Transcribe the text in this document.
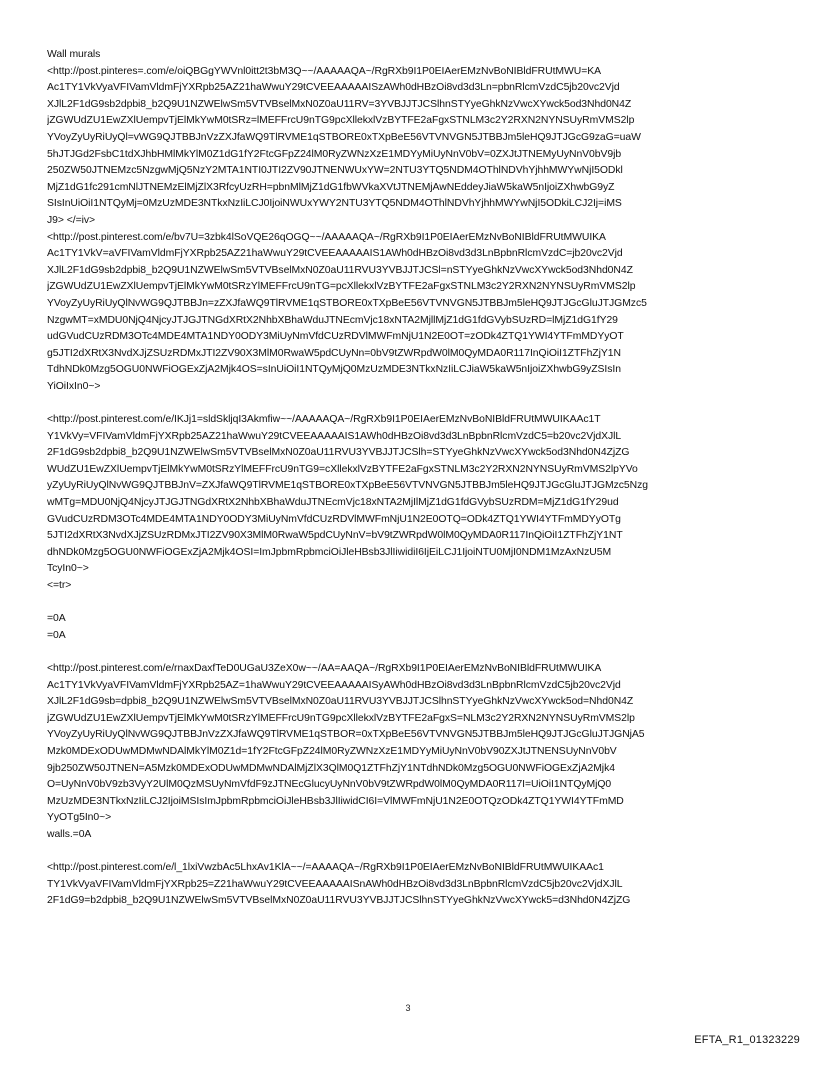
Wall murals
<http://post.pinteres=.com/e/oiQBGgYWVnl0itt2t3bM3Q~~/AAAAAQA~/RgRXb9I1P0EIAerEMzNvBoNIBldFRUtMWU=KA
Ac1TY1VkVyaVFIVamVldmFjYXRpb25AZ21haWwuY29tCVEEAAAAAISzAWh0dHBzOi8vd3d3Ln=pbnRlcmVzdC5jb20vc2Vjd
XJlL2F1dG9sb2dpbi8_b2Q9U1NZWElwSm5VTVBselMxN0Z0aU11RV=3YVBJJTJCSlhnSTYyeGhkNzVwcXYwck5od3Nhd0N4Z
jZGWUdZU1EwZXlUempvTjElMkYwM0tSRz=lMEFFrcU9nTG9pcXllekxlVzBYTFE2aFgxSTNLM3c2Y2RXN2NYNSUyRmVMS2lp
YVoyZyUyRiUyQl=vWG9QJTBBJnVzZXJfaWQ9TlRVME1qSTBORE0xTXpBeE56VTVNVGN5JTBBJm5leHQ9JTJGcG9zaG=uaW
5hJTJGd2FsbC1tdXJhbHMlMkYlM0Z1dG1fY2FtcGFpZ24lM0RyZWNzXzE1MDYyMiUyNnV0bV=0ZXJtJTNEMyUyNnV0bV9jb
250ZW50JTNEMzc5NzgwMjQ5NzY2MTA1NTI0JTI2ZV90JTNENWUxYW=2NTU3YTQ5NDM4OThlNDVhYjhhMWYwNjI5ODkl
MjZ1dG1fc291cmNlJTNEMzElMjZlX3RfcyUzRH=pbnMlMjZ1dG1fbWVkaXVtJTNEMjAwNEddeyJiaW5kaW5nIjoiZXhwbG9yZ
SIsInUiOiI1NTQyMj=0MzUzMDE3NTkxNzIiLCJ0IjoiNWUxYWY2NTU3YTQ5NDM4OThlNDVhYjhhMWYwNjI5ODkiLCJ2Ij=iMS
J9> </=iv>
<http://post.pinterest.com/e/bv7U=3zbk4lSoVQE26qOGQ~~/AAAAAQA~/RgRXb9I1P0EIAerEMzNvBoNIBldFRUtMWUIKA
Ac1TY1VkV=aVFIVamVldmFjYXRpb25AZ21haWwuY29tCVEEAAAAAIS1AWh0dHBzOi8vd3d3LnBpbnRlcmVzdC=jb20vc2Vjd
XJlL2F1dG9sb2dpbi8_b2Q9U1NZWElwSm5VTVBselMxN0Z0aU11RVU3YVBJJTJCSl=nSTYyeGhkNzVwcXYwck5od3Nhd0N4Z
jZGWUdZU1EwZXlUempvTjElMkYwM0tSRzYlMEFFrcU9nTG=pcXllekxlVzBYTFE2aFgxSTNLM3c2Y2RXN2NYNSUyRmVMS2lp
YVoyZyUyRiUyQlNvWG9QJTBBJn=zZXJfaWQ9TlRVME1qSTBORE0xTXpBeE56VTVNVGN5JTBBJm5leHQ9JTJGcGluJTJGMzc5
NzgwMT=xMDU0NjQ4NjcyJTJGJTNGdXRtX2NhbXBhaWduJTNEcmVjc18xNTA2MjllMjZ1dG1fdGVybSUzRD=lMjZ1dG1fY29
udGVudCUzRDM3OTc4MDE4MTA1NDY0ODY3MiUyNmVfdCUzRDVlMWFmNjU1N2E0OT=zODk4ZTQ1YWI4YTFmMDYyOT
g5JTI2dXRtX3NvdXJjZSUzRDMxJTI2ZV90X3MlM0RwaW5pdCUyNn=0bV9tZWRpdW0lM0QyMDA0R117InQiOiI1ZTFhZjY1N
TdhNDk0Mzg5OGU0NWFiOGExZjA2Mjk4OS=sInUiOiI1NTQyMjQ0MzUzMDE3NTkxNzIiLCJiaW5kaW5nIjoiZXhwbG9yZSIsIn
YiOiIxIn0~>
<http://post.pinterest.com/e/IKJj1=sldSkljqI3Akmfiw~~/AAAAAQA~/RgRXb9I1P0EIAerEMzNvBoNIBldFRUtMWUIKAAc1T
Y1VkVy=VFIVamVldmFjYXRpb25AZ21haWwuY29tCVEEAAAAAIS1AWh0dHBzOi8vd3d3LnBpbnRlcmVzdC5=b20vc2VjdXJlL
2F1dG9sb2dpbi8_b2Q9U1NZWElwSm5VTVBselMxN0Z0aU11RVU3YVBJJTJCSlh=STYyeGhkNzVwcXYwck5od3Nhd0N4ZjZG
WUdZU1EwZXlUempvTjElMkYwM0tSRzYlMEFFrcU9nTG9=cXllekxlVzBYTFE2aFgxSTNLM3c2Y2RXN2NYNSUyRmVMS2lpYVo
yZyUyRiUyQlNvWG9QJTBBJnV=ZXJfaWQ9TlRVME1qSTBORE0xTXpBeE56VTVNVGN5JTBBJm5leHQ9JTJGcGluJTJGMzc5Nzg
wMTg=MDU0NjQ4NjcyJTJGJTNGdXRtX2NhbXBhaWduJTNEcmVjc18xNTA2MjIlMjZ1dG1fdGVybSUzRDM=MjZ1dG1fY29ud
GVudCUzRDM3OTc4MDE4MTA1NDY0ODY3MiUyNmVfdCUzRDVlMWFmNjU1N2E0OTQ=ODk4ZTQ1YWI4YTFmMDYyOTg
5JTI2dXRtX3NvdXJjZSUzRDMxJTI2ZV90X3MlM0RwaW5pdCUyNnV=bV9tZWRpdW0lM0QyMDA0R117InQiOiI1ZTFhZjY1NT
dhNDk0Mzg5OGU0NWFiOGExZjA2Mjk4OSI=ImJpbmRpbmciOiJleHBsb3JlIiwidiI6IjEiLCJ1IjoiNTU0MjI0NDM1MzAxNzU5M
TcyIn0~>
<=tr>
=0A
=0A
<http://post.pinterest.com/e/rnaxDaxfTeD0UGaU3ZeX0w~~/AA=AAQA~/RgRXb9I1P0EIAerEMzNvBoNIBldFRUtMWUIKA
Ac1TY1VkVyaVFIVamVldmFjYXRpb25AZ=1haWwuY29tCVEEAAAAAISyAWh0dHBzOi8vd3d3LnBpbnRlcmVzdC5jb20vc2Vjd
XJlL2F1dG9sb=dpbi8_b2Q9U1NZWElwSm5VTVBselMxN0Z0aU11RVU3YVBJJTJCSlhnSTYyeGhkNzVwcXYwck5od=Nhd0N4Z
jZGWUdZU1EwZXlUempvTjElMkYwM0tSRzYlMEFFrcU9nTG9pcXllekxlVzBYTFE2aFgxS=NLM3c2Y2RXN2NYNSUyRmVMS2lp
YVoyZyUyRiUyQlNvWG9QJTBBJnVzZXJfaWQ9TlRVME1qSTBOR=0xTXpBeE56VTVNVGN5JTBBJm5leHQ9JTJGcGluJTJGNjA5
Mzk0MDExODUwMDMwNDAlMkYlM0Z1d=1fY2FtcGFpZ24lM0RyZWNzXzE1MDYyMiUyNnV0bV90ZXJtJTNENSUyNnV0bV
9jb250ZW50JTNEN=A5Mzk0MDExODUwMDMwNDAlMjZlX3QlM0Q1ZTFhZjY1NTdhNDk0Mzg5OGU0NWFiOGExZjA2Mjk4
O=UyNnV0bV9zb3VyY2UlM0QzMSUyNmVfdF9zJTNEcGlucyUyNnV0bV9tZWRpdW0lM0QyMDA0R117I=UiOiI1NTQyMjQ0
MzUzMDE3NTkxNzIiLCJ2IjoiMSIsImJpbmRpbmciOiJleHBsb3JlIiwidCI6I=VlMWFmNjU1N2E0OTQzODk4ZTQ1YWI4YTFmMD
YyOTg5In0~>
walls.=0A
<http://post.pinterest.com/e/l_1lxiVwzbAc5LhxAv1KlA~~/=AAAAQA~/RgRXb9I1P0EIAerEMzNvBoNIBldFRUtMWUIKAAc1
TY1VkVyaVFIVamVldmFjYXRpb25=Z21haWwuY29tCVEEAAAAAISnAWh0dHBzOi8vd3d3LnBpbnRlcmVzdC5jb20vc2VjdXJlL
2F1dG9=b2dpbi8_b2Q9U1NZWElwSm5VTVBselMxN0Z0aU11RVU3YVBJJTJCSlhnSTYyeGhkNzVwcXYwck5=d3Nhd0N4ZjZG
3
EFTA_R1_01323229
